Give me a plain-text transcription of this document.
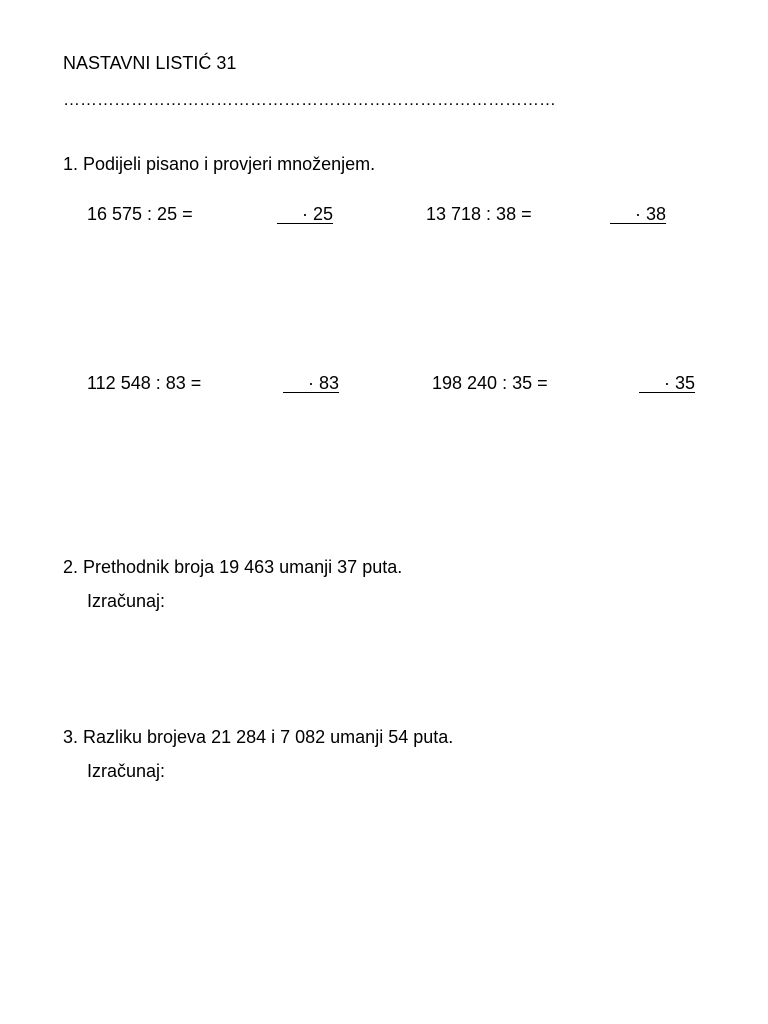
NASTAVNI LISTIĆ 31
……………………………………………………………………………
1. Podijeli pisano i provjeri množenjem.
16 575 : 25 =	· 25	13 718 : 38 =	· 38
112 548 : 83 =	· 83	198 240 : 35 =	· 35
2. Prethodnik broja 19 463 umanji 37 puta.
Izračunaj:
3. Razliku brojeva 21 284 i 7 082 umanji 54 puta.
Izračunaj:
